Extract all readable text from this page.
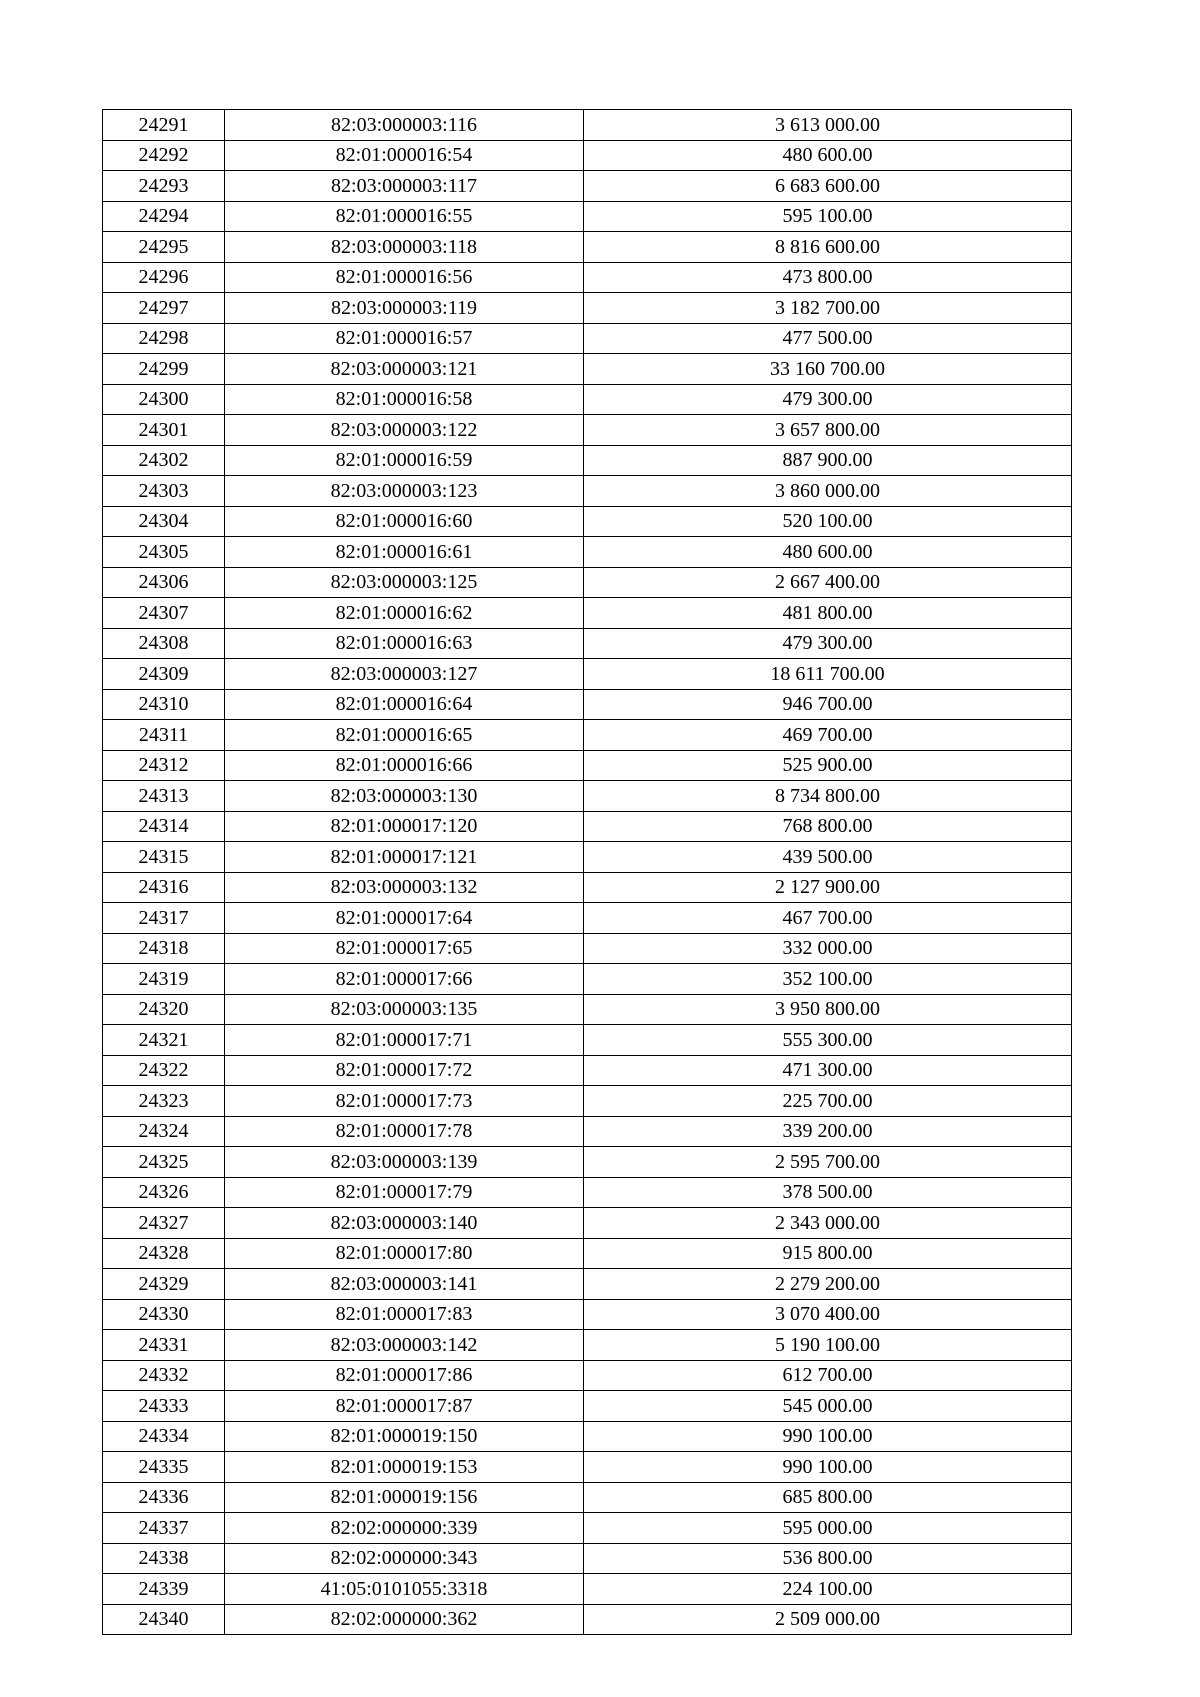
24291	82:03:000003:116	3 613 000.00
24292	82:01:000016:54	480 600.00
24293	82:03:000003:117	6 683 600.00
24294	82:01:000016:55	595 100.00
24295	82:03:000003:118	8 816 600.00
24296	82:01:000016:56	473 800.00
24297	82:03:000003:119	3 182 700.00
24298	82:01:000016:57	477 500.00
24299	82:03:000003:121	33 160 700.00
24300	82:01:000016:58	479 300.00
24301	82:03:000003:122	3 657 800.00
24302	82:01:000016:59	887 900.00
24303	82:03:000003:123	3 860 000.00
24304	82:01:000016:60	520 100.00
24305	82:01:000016:61	480 600.00
24306	82:03:000003:125	2 667 400.00
24307	82:01:000016:62	481 800.00
24308	82:01:000016:63	479 300.00
24309	82:03:000003:127	18 611 700.00
24310	82:01:000016:64	946 700.00
24311	82:01:000016:65	469 700.00
24312	82:01:000016:66	525 900.00
24313	82:03:000003:130	8 734 800.00
24314	82:01:000017:120	768 800.00
24315	82:01:000017:121	439 500.00
24316	82:03:000003:132	2 127 900.00
24317	82:01:000017:64	467 700.00
24318	82:01:000017:65	332 000.00
24319	82:01:000017:66	352 100.00
24320	82:03:000003:135	3 950 800.00
24321	82:01:000017:71	555 300.00
24322	82:01:000017:72	471 300.00
24323	82:01:000017:73	225 700.00
24324	82:01:000017:78	339 200.00
24325	82:03:000003:139	2 595 700.00
24326	82:01:000017:79	378 500.00
24327	82:03:000003:140	2 343 000.00
24328	82:01:000017:80	915 800.00
24329	82:03:000003:141	2 279 200.00
24330	82:01:000017:83	3 070 400.00
24331	82:03:000003:142	5 190 100.00
24332	82:01:000017:86	612 700.00
24333	82:01:000017:87	545 000.00
24334	82:01:000019:150	990 100.00
24335	82:01:000019:153	990 100.00
24336	82:01:000019:156	685 800.00
24337	82:02:000000:339	595 000.00
24338	82:02:000000:343	536 800.00
24339	41:05:0101055:3318	224 100.00
24340	82:02:000000:362	2 509 000.00
